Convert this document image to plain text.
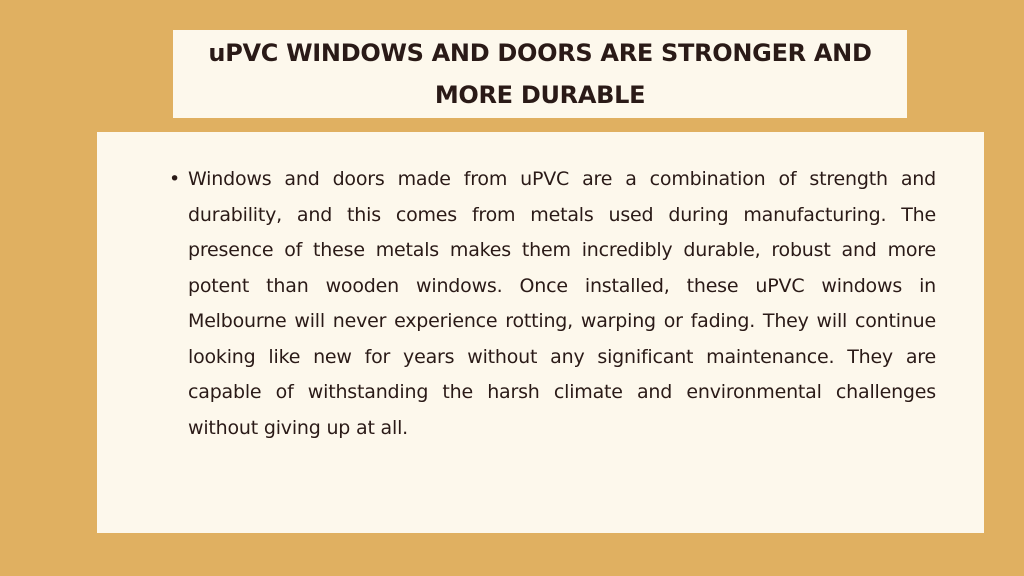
uPVC WINDOWS AND DOORS ARE STRONGER AND MORE DURABLE
• Windows and doors made from uPVC are a combination of strength and durability, and this comes from metals used during manufacturing. The presence of these metals makes them incredibly durable, robust and more potent than wooden windows. Once installed, these uPVC windows in Melbourne will never experience rotting, warping or fading. They will continue looking like new for years without any significant maintenance. They are capable of withstanding the harsh climate and environmental challenges without giving up at all.
